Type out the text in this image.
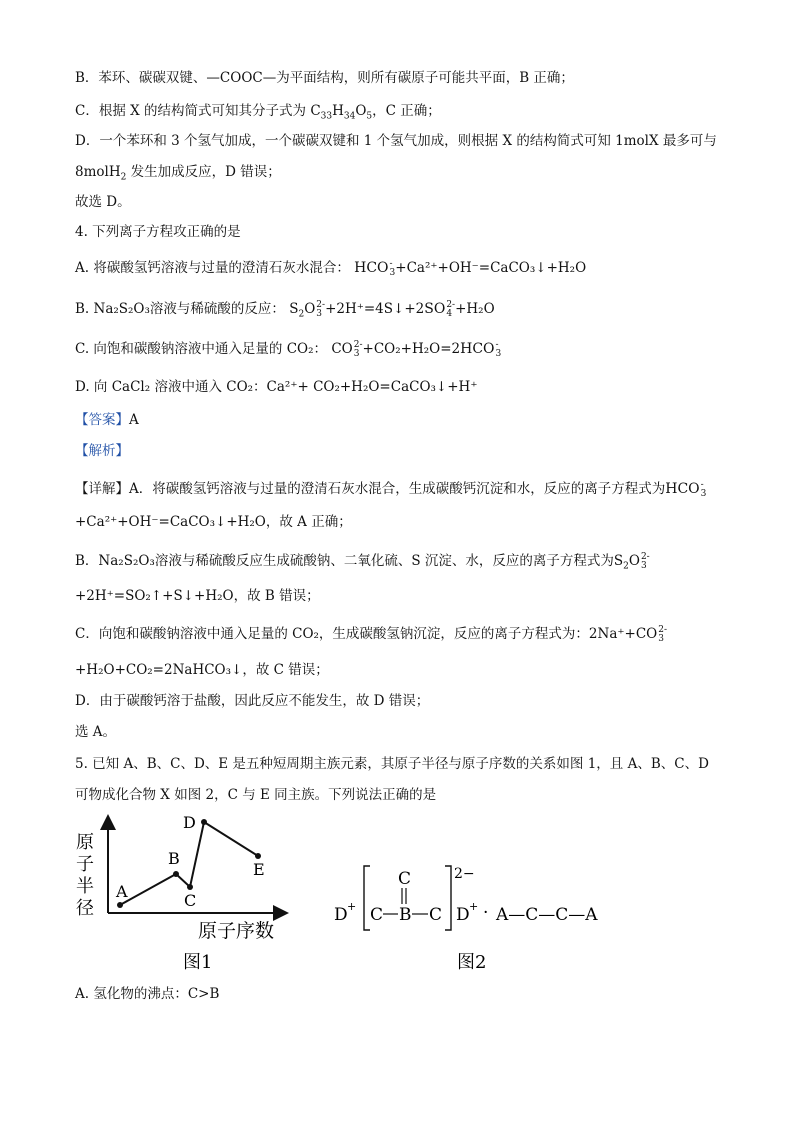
B．苯环、碳碳双键、—COOC—为平面结构，则所有碳原子可能共平面，B 正确；
C．根据 X 的结构简式可知其分子式为 $C_{33}H_{34}O_5$，C 正确；
D．一个苯环和 3 个氢气加成，一个碳碳双键和 1 个氢气加成，则根据 X 的结构简式可知 1molX 最多可与
8molH$_2$ 发生加成反应，D 错误；
故选 D。
4. 下列离子方程攻正确的是
A. 将碳酸氢钙溶液与过量的澄清石灰水混合： HCO-
3+Ca²⁺+OH⁻=CaCO₃↓+H₂O
B. Na₂S₂O₃溶液与稀硫酸的反应： $S_2O2-$
3 +2H⁺=4S↓+2SO2-
4 +H₂O
C. 向饱和碳酸钠溶液中通入足量的 CO₂： CO2-
3 +CO₂+H₂O=2HCO-
3
D. 向 CaCl₂ 溶液中通入 CO₂：Ca²⁺+ CO₂+H₂O=CaCO₃↓+H⁺
【答案】A
【解析】
【详解】A．将碳酸氢钙溶液与过量的澄清石灰水混合，生成碳酸钙沉淀和水，反应的离子方程式为HCO-
3
+Ca²⁺+OH⁻=CaCO₃↓+H₂O，故 A 正确；
B．Na₂S₂O₃溶液与稀硫酸反应生成硫酸钠、二氧化硫、S 沉淀、水，反应的离子方程式为$S_2O2-$
3
+2H⁺=SO₂↑+S↓+H₂O，故 B 错误；
C．向饱和碳酸钠溶液中通入足量的 CO₂，生成碳酸氢钠沉淀，反应的离子方程式为：2Na⁺+CO2-
3
+H₂O+CO₂=2NaHCO₃↓，故 C 错误；
D．由于碳酸钙溶于盐酸，因此反应不能发生，故 D 错误；
选 A。
5. 已知 A、B、C、D、E 是五种短周期主族元素，其原子半径与原子序数的关系如图 1，且 A、B、C、D
可物成化合物 X 如图 2，C 与 E 同主族。下列说法正确的是
原
子
半
径
A
B
C
D
E
原子序数
图1
D +
C
C B C
2−
D + · A—C—C—A
图2
A. 氢化物的沸点：C>B
